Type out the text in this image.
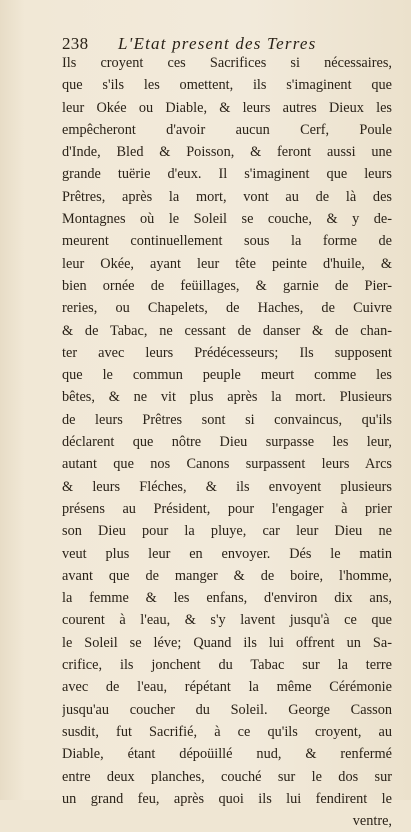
238 L'Etat present des Terres
Ils croyent ces Sacrifices si nécessaires,
que s'ils les omettent, ils s'imaginent que
leur Okée ou Diable, & leurs autres Dieux les
empêcheront d'avoir aucun Cerf, Poule
d'Inde, Bled & Poisson, & feront aussi une
grande tuërie d'eux. Il s'imaginent que leurs
Prêtres, après la mort, vont au de là des
Montagnes où le Soleil se couche, & y de-
meurent continuellement sous la forme de
leur Okée, ayant leur tête peinte d'huile, &
bien ornée de feüillages, & garnie de Pier-
reries, ou Chapelets, de Haches, de Cuivre
& de Tabac, ne cessant de danser & de chan-
ter avec leurs Prédécesseurs; Ils supposent
que le commun peuple meurt comme les
bêtes, & ne vit plus après la mort. Plusieurs
de leurs Prêtres sont si convaincus, qu'ils
déclarent que nôtre Dieu surpasse les leur,
autant que nos Canons surpassent leurs Arcs
& leurs Fléches, & ils envoyent plusieurs
présens au Président, pour l'engager à prier
son Dieu pour la pluye, car leur Dieu ne
veut plus leur en envoyer. Dés le matin
avant que de manger & de boire, l'homme,
la femme & les enfans, d'environ dix ans,
courent à l'eau, & s'y lavent jusqu'à ce que
le Soleil se léve; Quand ils lui offrent un Sa-
crifice, ils jonchent du Tabac sur la terre
avec de l'eau, répétant la même Cérémonie
jusqu'au coucher du Soleil. George Casson
susdit, fut Sacrifié, à ce qu'ils croyent, au
Diable, étant dépoüillé nud, & renfermé
entre deux planches, couché sur le dos sur
un grand feu, après quoi ils lui fendirent le
ventre,
